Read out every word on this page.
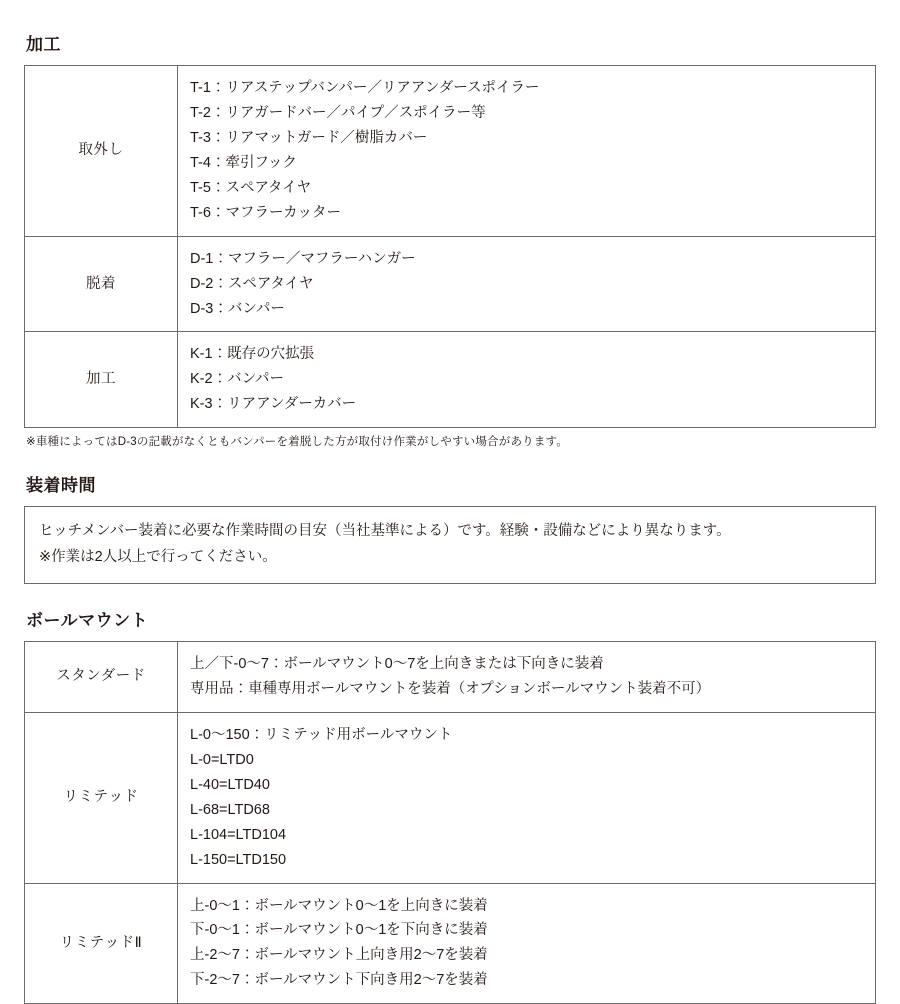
加工
取外し	
T-1：リアステップバンパー／リアアンダースポイラー
T-2：リアガードバー／パイプ／スポイラー等
T-3：リアマットガード／樹脂カバー
T-4：牽引フック
T-5：スペアタイヤ
T-6：マフラーカッター

脱着	D-1：マフラー／マフラーハンガー
D-2：スペアタイヤ
D-3：バンパー

加工	K-1：既存の穴拡張
K-2：バンパー
K-3：リアアンダーカバー

※車種によってはD-3の記載がなくともバンパーを着脱した方が取付け作業がしやすい場合があります。

装着時間
ヒッチメンバー装着に必要な作業時間の目安（当社基準による）です。経験・設備などにより異なります。
※作業は2人以上で行ってください。
ボールマウント
スタンダード	上／下-0〜7：ボールマウント0〜7を上向きまたは下向きに装着
専用品：車種専用ボールマウントを装着（オプションボールマウント装着不可）

リミテッド	
L-0〜150：リミテッド用ボールマウント
L-0=LTD0
L-40=LTD40
L-68=LTD68
L-104=LTD104
L-150=LTD150

リミテッドⅡ	上-0〜1：ボールマウント0〜1を上向きに装着
下-0〜1：ボールマウント0〜1を下向きに装着
上-2〜7：ボールマウント上向き用2〜7を装着
下-2〜7：ボールマウント下向き用2〜7を装着
